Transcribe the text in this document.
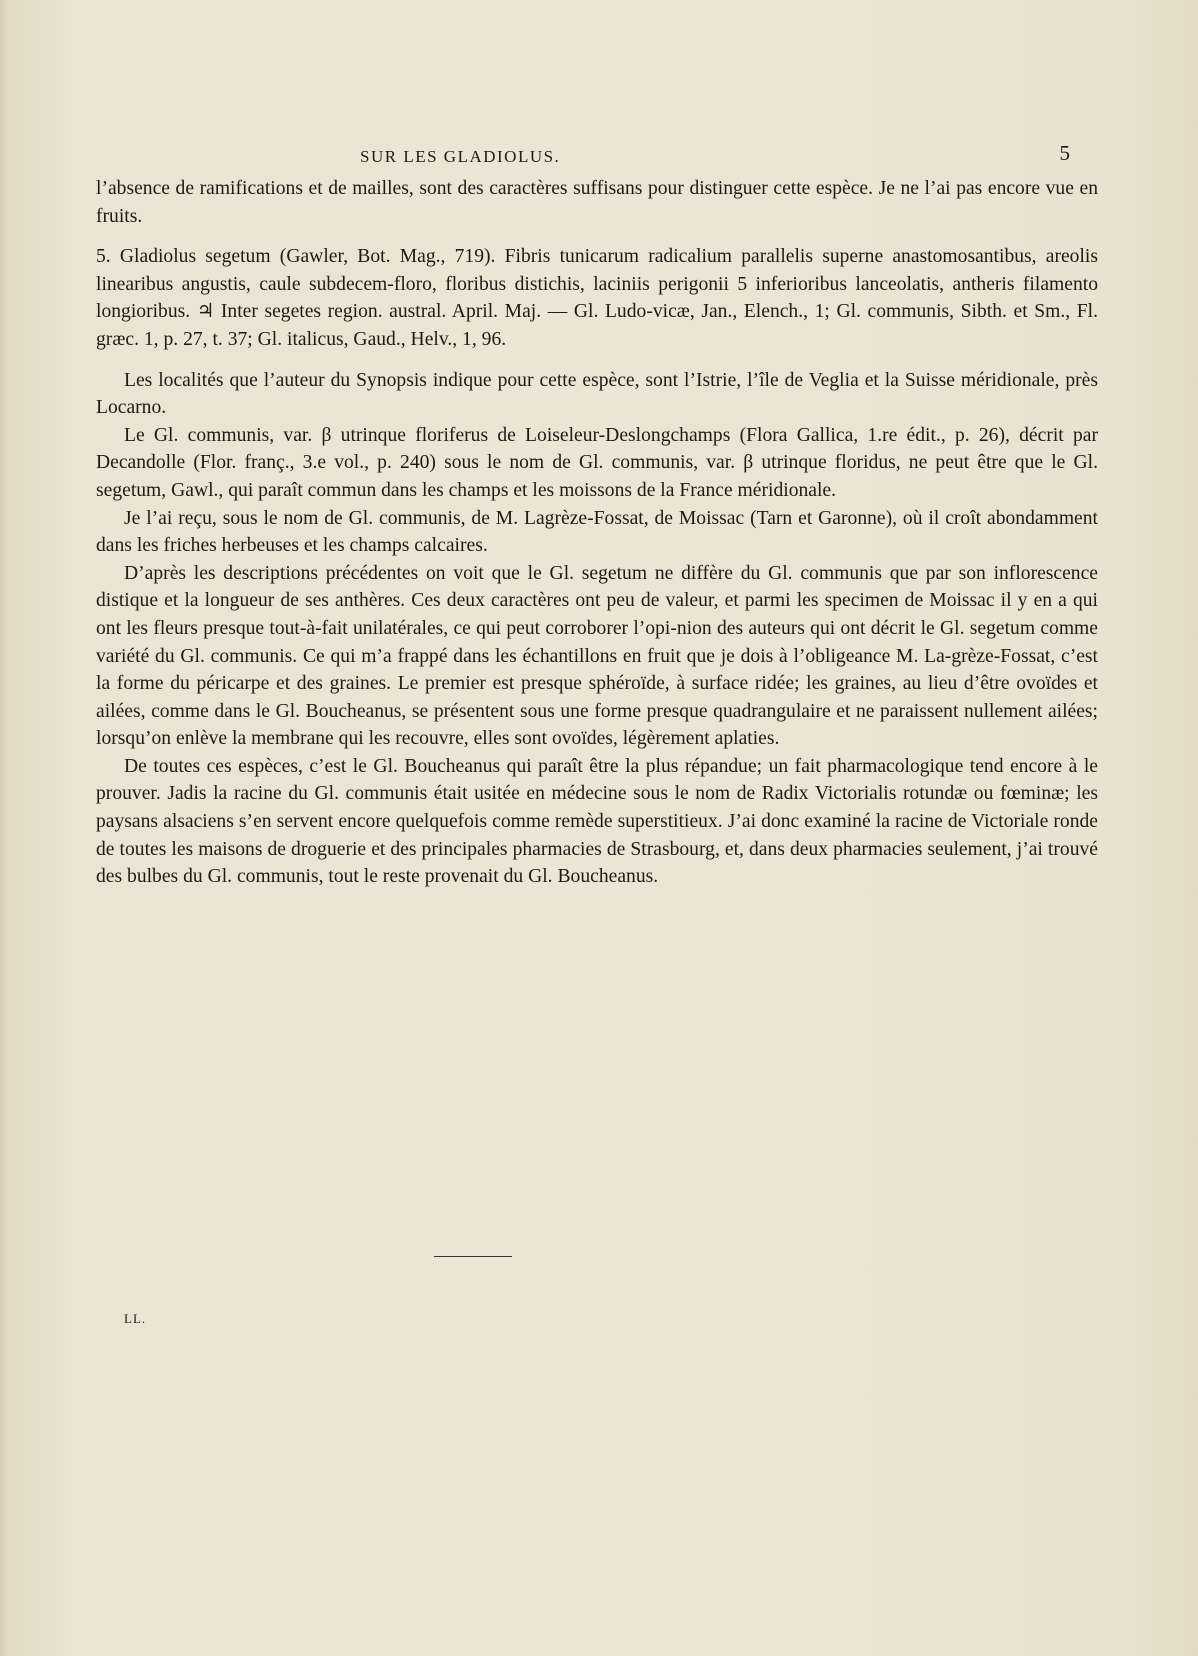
SUR LES GLADIOLUS.	5

l’absence de ramifications et de mailles, sont des caractères suffisans pour distinguer cette espèce. Je ne l’ai pas encore vue en fruits.

5. Gladiolus segetum (Gawler, Bot. Mag., 719). Fibris tunicarum radicalium parallelis superne anastomosantibus, areolis linearibus angustis, caule subdecem-floro, floribus distichis, laciniis perigonii 5 inferioribus lanceolatis, antheris filamento longioribus. ♃ Inter segetes region. austral. April. Maj. — Gl. Ludo-vicæ, Jan., Elench., 1; Gl. communis, Sibth. et Sm., Fl. græc. 1, p. 27, t. 37; Gl. italicus, Gaud., Helv., 1, 96.

Les localités que l’auteur du Synopsis indique pour cette espèce, sont l’Istrie, l’île de Veglia et la Suisse méridionale, près Locarno.

Le Gl. communis, var. β utrinque floriferus de Loiseleur-Deslongchamps (Flora Gallica, 1.re édit., p. 26), décrit par Decandolle (Flor. franç., 3.e vol., p. 240) sous le nom de Gl. communis, var. β utrinque floridus, ne peut être que le Gl. segetum, Gawl., qui paraît commun dans les champs et les moissons de la France méridionale.

Je l’ai reçu, sous le nom de Gl. communis, de M. Lagrèze-Fossat, de Moissac (Tarn et Garonne), où il croît abondamment dans les friches herbeuses et les champs calcaires.

D’après les descriptions précédentes on voit que le Gl. segetum ne diffère du Gl. communis que par son inflorescence distique et la longueur de ses anthères. Ces deux caractères ont peu de valeur, et parmi les specimen de Moissac il y en a qui ont les fleurs presque tout-à-fait unilatérales, ce qui peut corroborer l’opi-nion des auteurs qui ont décrit le Gl. segetum comme variété du Gl. communis. Ce qui m’a frappé dans les échantillons en fruit que je dois à l’obligeance M. La-grèze-Fossat, c’est la forme du péricarpe et des graines. Le premier est presque sphéroïde, à surface ridée; les graines, au lieu d’être ovoïdes et ailées, comme dans le Gl. Boucheanus, se présentent sous une forme presque quadrangulaire et ne paraissent nullement ailées; lorsqu’on enlève la membrane qui les recouvre, elles sont ovoïdes, légèrement aplaties.

De toutes ces espèces, c’est le Gl. Boucheanus qui paraît être la plus répandue; un fait pharmacologique tend encore à le prouver. Jadis la racine du Gl. communis était usitée en médecine sous le nom de Radix Victorialis rotundæ ou fœminæ; les paysans alsaciens s’en servent encore quelquefois comme remède superstitieux. J’ai donc examiné la racine de Victoriale ronde de toutes les maisons de droguerie et des principales pharmacies de Strasbourg, et, dans deux pharmacies seulement, j’ai trouvé des bulbes du Gl. communis, tout le reste provenait du Gl. Boucheanus.

LL.
